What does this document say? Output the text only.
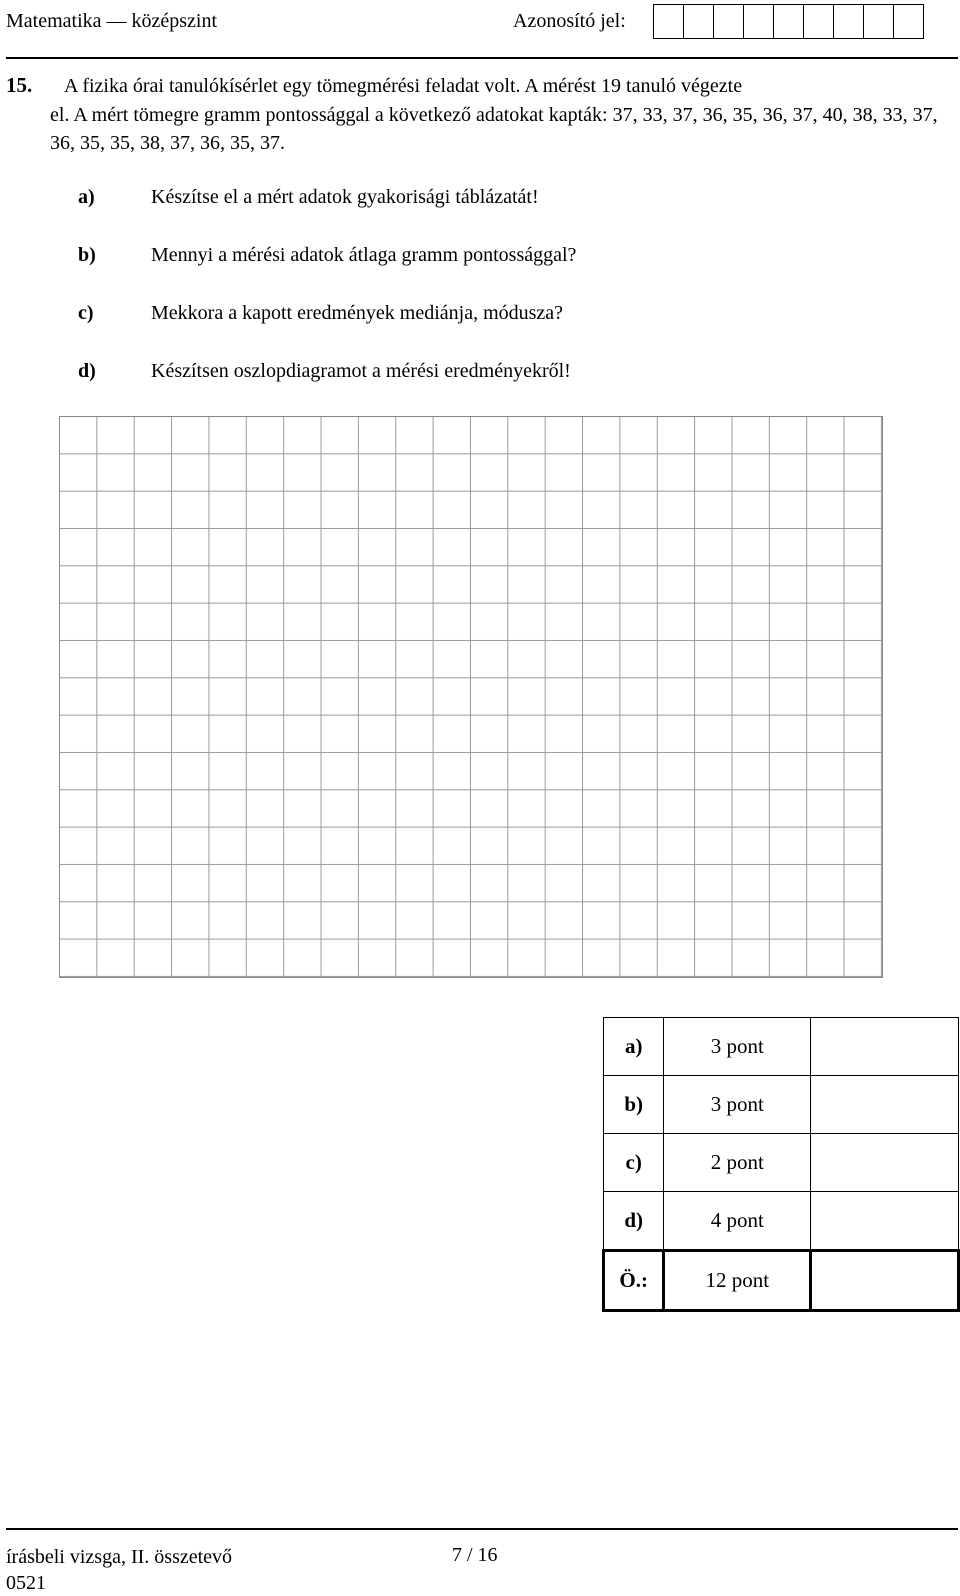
Matematika — középszint	Azonosító jel:
15. A fizika órai tanulókísérlet egy tömegmérési feladat volt. A mérést 19 tanuló végezte
el. A mért tömegre gramm pontossággal a következő adatokat kapták: 37, 33, 37, 36, 35, 36, 37, 40, 38, 33, 37, 36, 35, 35, 38, 37, 36, 35, 37.
a)	Készítse el a mért adatok gyakorisági táblázatát!
b)	Mennyi a mérési adatok átlaga gramm pontossággal?
c)	Mekkora a kapott eredmények mediánja, módusza?
d)	Készítsen oszlopdiagramot a mérési eredményekről!
a)	3 pont	
b)	3 pont	
c)	2 pont	
d)	4 pont	
Ö.:	12 pont	
írásbeli vizsga, II. összetevő
0521
7 / 16
